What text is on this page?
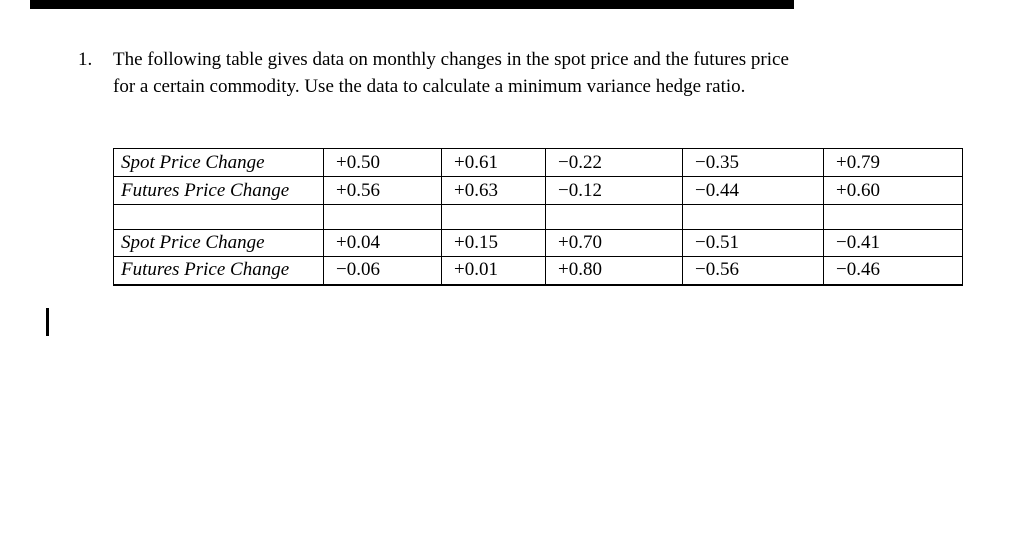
1.	The following table gives data on monthly changes in the spot price and the futures price
for a certain commodity. Use the data to calculate a minimum variance hedge ratio.
Spot Price Change	+0.50	+0.61	−0.22	−0.35	+0.79
Futures Price Change	+0.56	+0.63	−0.12	−0.44	+0.60

Spot Price Change	+0.04	+0.15	+0.70	−0.51	−0.41
Futures Price Change	−0.06	+0.01	+0.80	−0.56	−0.46
